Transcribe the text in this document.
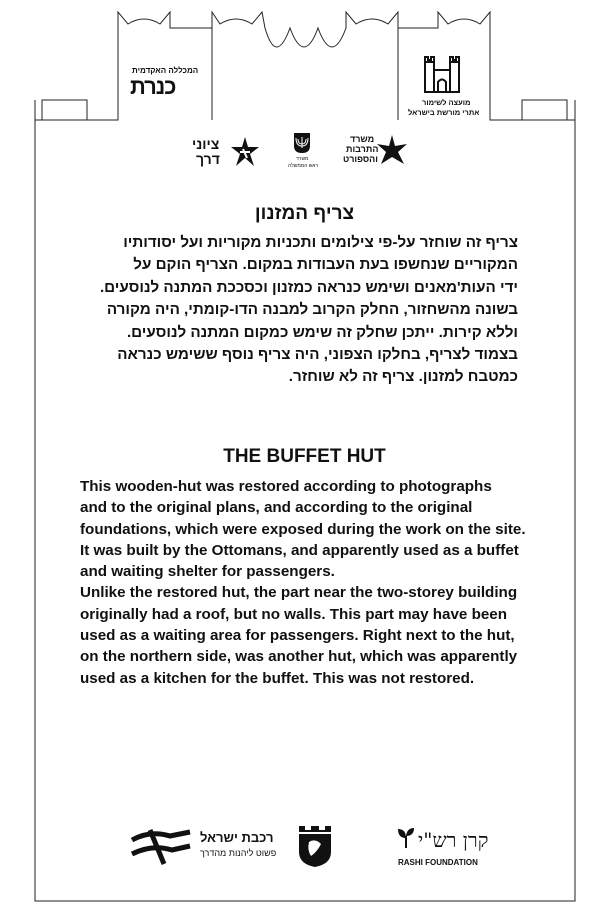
המכללה האקדמית
כנרת
מועצה לשימור
אתרי מורשת בישראל
ציוני
דרך	משרד
ראש הממשלה
משרד
התרבות
והספורט
צריף המזנון
צריף זה שוחזר על-פי צילומים ותכניות מקוריות ועל יסודותיו
המקוריים שנחשפו בעת העבודות במקום. הצריף הוקם על
ידי העות'מאנים ושימש כנראה כמזנון וכסככת המתנה לנוסעים.
בשונה מהשחזור, החלק הקרוב למבנה הדו-קומתי, היה מקורה
וללא קירות. ייתכן שחלק זה שימש כמקום המתנה לנוסעים.
בצמוד לצריף, בחלקו הצפוני, היה צריף נוסף ששימש כנראה
כמטבח למזנון. צריף זה לא שוחזר.
THE BUFFET HUT
This wooden-hut was restored according to photographs
and to the original plans, and according to the original
foundations, which were exposed during the work on the site.
It was built by the Ottomans, and apparently used as a buffet
and waiting shelter for passengers.
Unlike the restored hut, the part near the two-storey building
originally had a roof, but no walls. This part may have been
used as a waiting area for passengers. Right next to the hut,
on the northern side, was another hut, which was apparently
used as a kitchen for the buffet. This was not restored.
רכבת ישראל
פשוט ליהנות מהדרך
קרן רש"י
RASHI FOUNDATION
